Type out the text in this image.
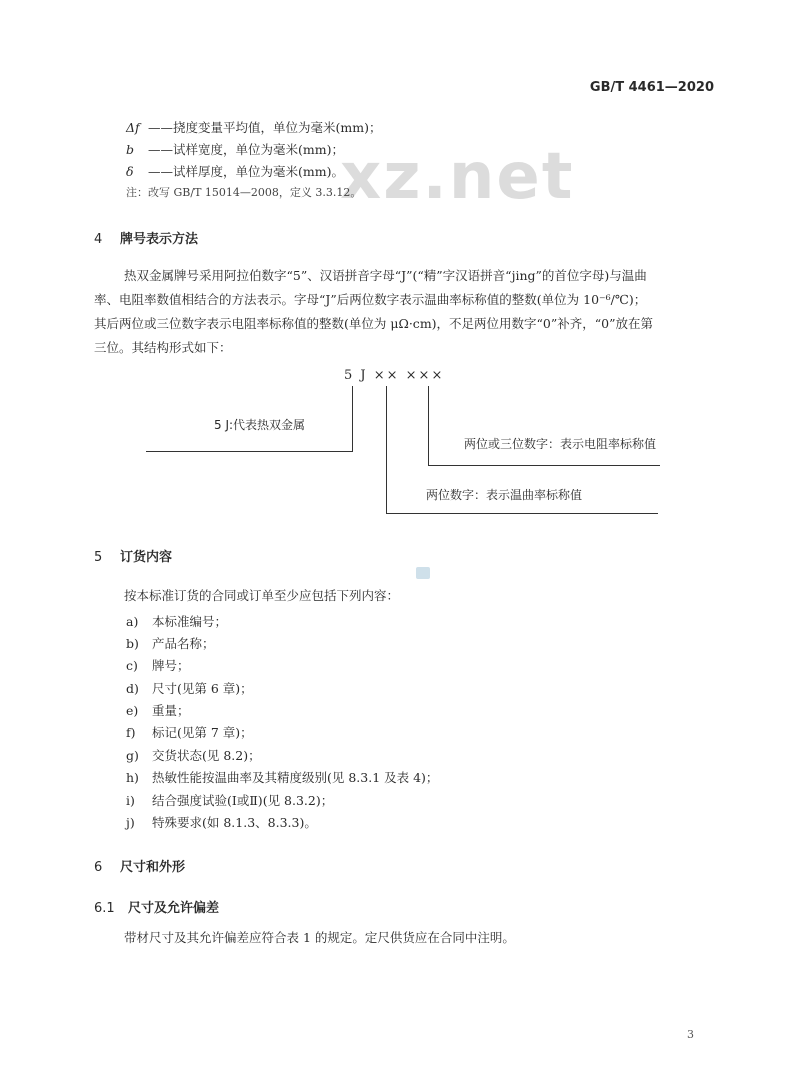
xz.net
GB/T 4461—2020
Δf ——挠度变量平均值，单位为毫米(mm)；
b ——试样宽度，单位为毫米(mm)；
δ ——试样厚度，单位为毫米(mm)。
注：改写 GB/T 15014—2008，定义 3.3.12。
4 牌号表示方法
热双金属牌号采用阿拉伯数字“5”、汉语拼音字母“J”(“精”字汉语拼音“jing”的首位字母)与温曲
率、电阻率数值相结合的方法表示。字母“J”后两位数字表示温曲率标称值的整数(单位为 10⁻⁶/℃)；
其后两位或三位数字表示电阻率标称值的整数(单位为 μΩ·cm)，不足两位用数字“0”补齐，“0”放在第
三位。其结构形式如下：
5 J ×× ×××
5 J:代表热双金属
两位数字：表示温曲率标称值
两位或三位数字：表示电阻率标称值
5 订货内容
按本标准订货的合同或订单至少应包括下列内容：
a) 本标准编号；
b) 产品名称；
c) 牌号；
d) 尺寸(见第 6 章)；
e) 重量；
f) 标记(见第 7 章)；
g) 交货状态(见 8.2)；
h) 热敏性能按温曲率及其精度级别(见 8.3.1 及表 4)；
i) 结合强度试验(Ⅰ或Ⅱ)(见 8.3.2)；
j) 特殊要求(如 8.1.3、8.3.3)。
6 尺寸和外形
6.1 尺寸及允许偏差
带材尺寸及其允许偏差应符合表 1 的规定。定尺供货应在合同中注明。
3
